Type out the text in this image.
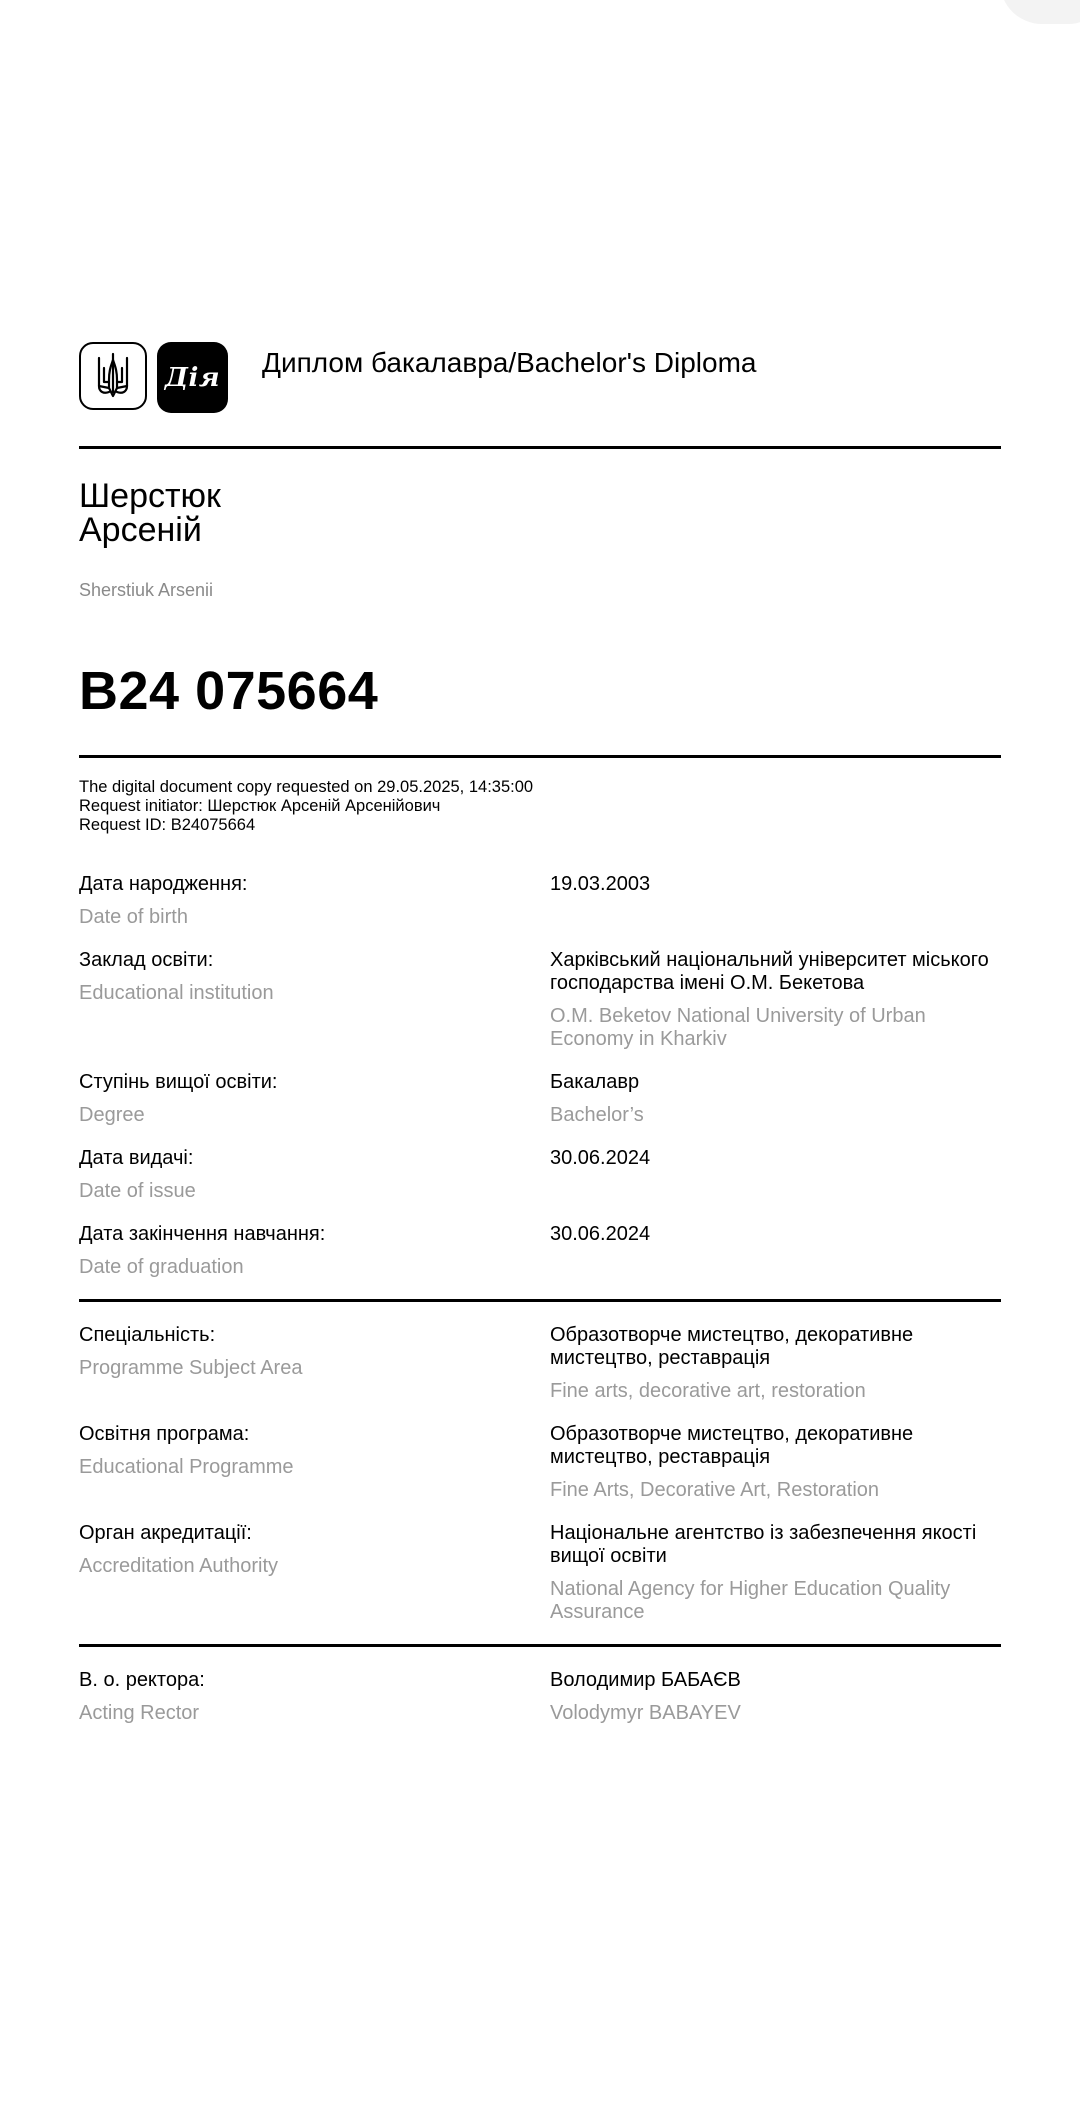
Дія Диплом бакалавра/Bachelor's Diploma
Шерстюк
Арсеній
Sherstiuk Arsenii
В24 075664
The digital document copy requested on 29.05.2025, 14:35:00
Request initiator: Шерстюк Арсеній Арсенійович
Request ID: В24075664
Дата народження:
Date of birth
19.03.2003
Заклад освіти:
Educational institution
Харківський національний університет міського господарства імені О.М. Бекетова
O.M. Beketov National University of Urban Economy in Kharkiv
Ступінь вищої освіти:
Degree
Бакалавр
Bachelor’s
Дата видачі:
Date of issue
30.06.2024
Дата закінчення навчання:
Date of graduation
30.06.2024
Спеціальність:
Programme Subject Area
Образотворче мистецтво, декоративне мистецтво, реставрація
Fine arts, decorative art, restoration
Освітня програма:
Educational Programme
Образотворче мистецтво, декоративне мистецтво, реставрація
Fine Arts, Decorative Art, Restoration
Орган акредитації:
Accreditation Authority
Національне агентство із забезпечення якості вищої освіти
National Agency for Higher Education Quality Assurance
В. о. ректора:
Acting Rector
Володимир БАБАЄВ
Volodymyr BABAYEV
